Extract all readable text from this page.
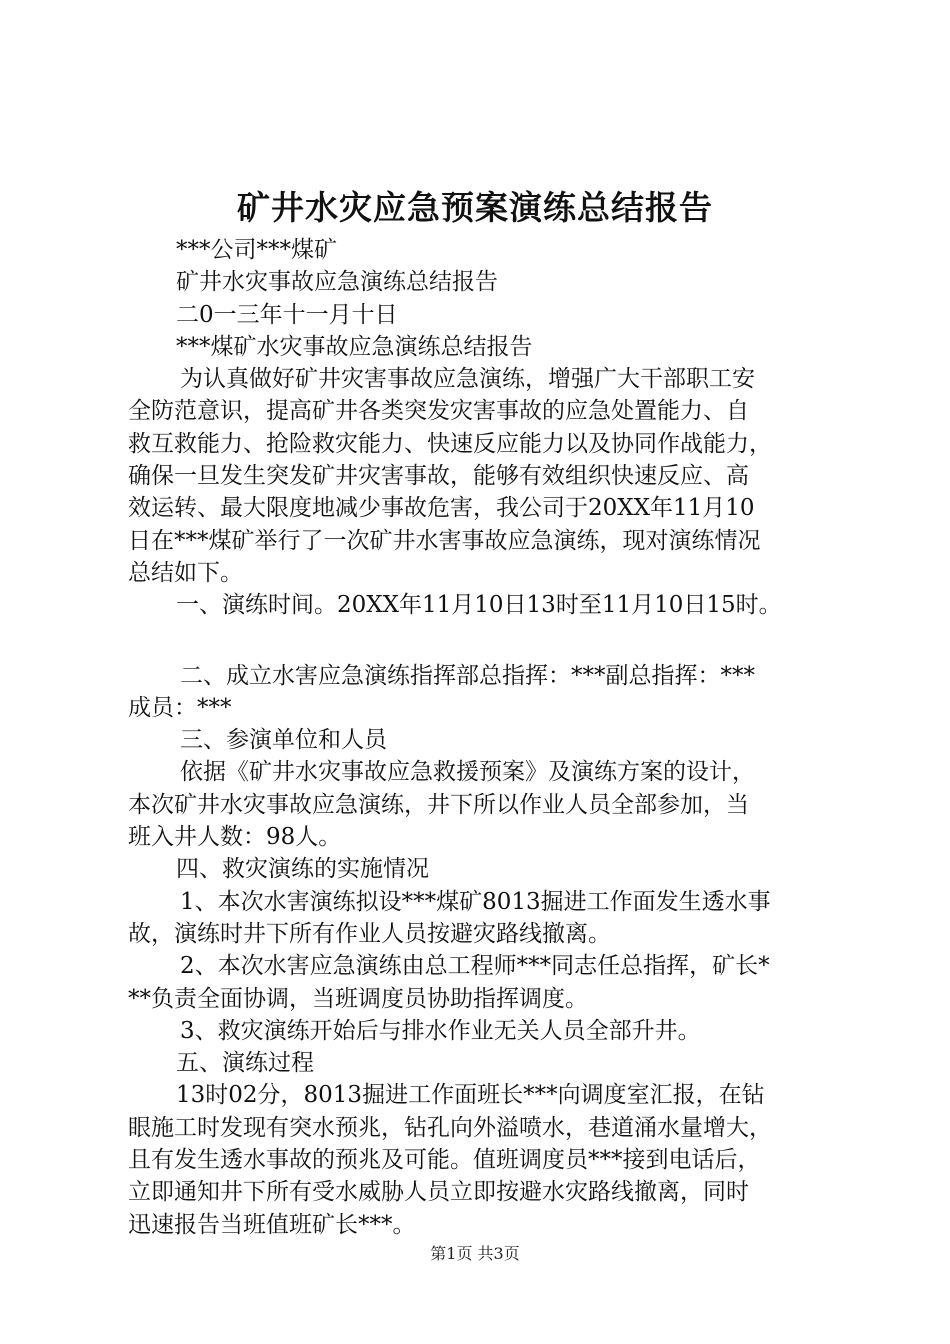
矿井水灾应急预案演练总结报告
***公司***煤矿
矿井水灾事故应急演练总结报告
二0一三年十一月十日
***煤矿水灾事故应急演练总结报告
为认真做好矿井灾害事故应急演练，增强广大干部职工安
全防范意识，提高矿井各类突发灾害事故的应急处置能力、自
救互救能力、抢险救灾能力、快速反应能力以及协同作战能力，
确保一旦发生突发矿井灾害事故，能够有效组织快速反应、高
效运转、最大限度地减少事故危害，我公司于20XX年11月10
日在***煤矿举行了一次矿井水害事故应急演练，现对演练情况
总结如下。
一、演练时间。20XX年11月10日13时至11月10日15时。
二、成立水害应急演练指挥部总指挥：***副总指挥：***
成员：***
三、参演单位和人员
依据《矿井水灾事故应急救援预案》及演练方案的设计，
本次矿井水灾事故应急演练，井下所以作业人员全部参加，当
班入井人数：98人。
四、救灾演练的实施情况
1、本次水害演练拟设***煤矿8013掘进工作面发生透水事
故，演练时井下所有作业人员按避灾路线撤离。
2、本次水害应急演练由总工程师***同志任总指挥，矿长*
**负责全面协调，当班调度员协助指挥调度。
3、救灾演练开始后与排水作业无关人员全部升井。
五、演练过程
13时02分，8013掘进工作面班长***向调度室汇报，在钻
眼施工时发现有突水预兆，钻孔向外溢喷水，巷道涌水量增大，
且有发生透水事故的预兆及可能。值班调度员***接到电话后，
立即通知井下所有受水威胁人员立即按避水灾路线撤离，同时
迅速报告当班值班矿长***。
第1页 共3页
